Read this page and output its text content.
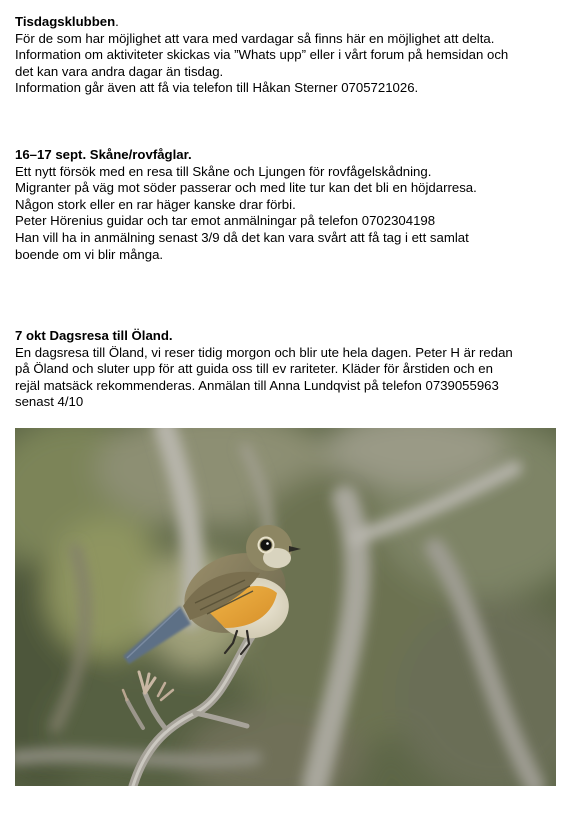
Tisdagsklubben.

För de som har möjlighet att vara med vardagar så finns här en möjlighet att delta.

Information om aktiviteter skickas via ”Whats upp” eller i vårt forum på hemsidan och

det kan vara andra dagar än tisdag.

Information går även att få via telefon till Håkan Sterner 0705721026.

16–17 sept. Skåne/rovfåglar.

Ett nytt försök med en resa till Skåne och Ljungen för rovfågelskådning.

Migranter på väg mot söder passerar och med lite tur kan det bli en höjdarresa.

Någon stork eller en rar häger kanske drar förbi.

Peter Hörenius guidar och tar emot anmälningar på telefon 0702304198

Han vill ha in anmälning senast 3/9 då det kan vara svårt att få tag i ett samlat

boende om vi blir många.

7 okt Dagsresa till Öland.

En dagsresa till Öland, vi reser tidig morgon och blir ute hela dagen. Peter H är redan

på Öland och sluter upp för att guida oss till ev rariteter. Kläder för årstiden och en

rejäl matsäck rekommenderas. Anmälan till Anna Lundqvist på telefon 0739055963

senast 4/10
